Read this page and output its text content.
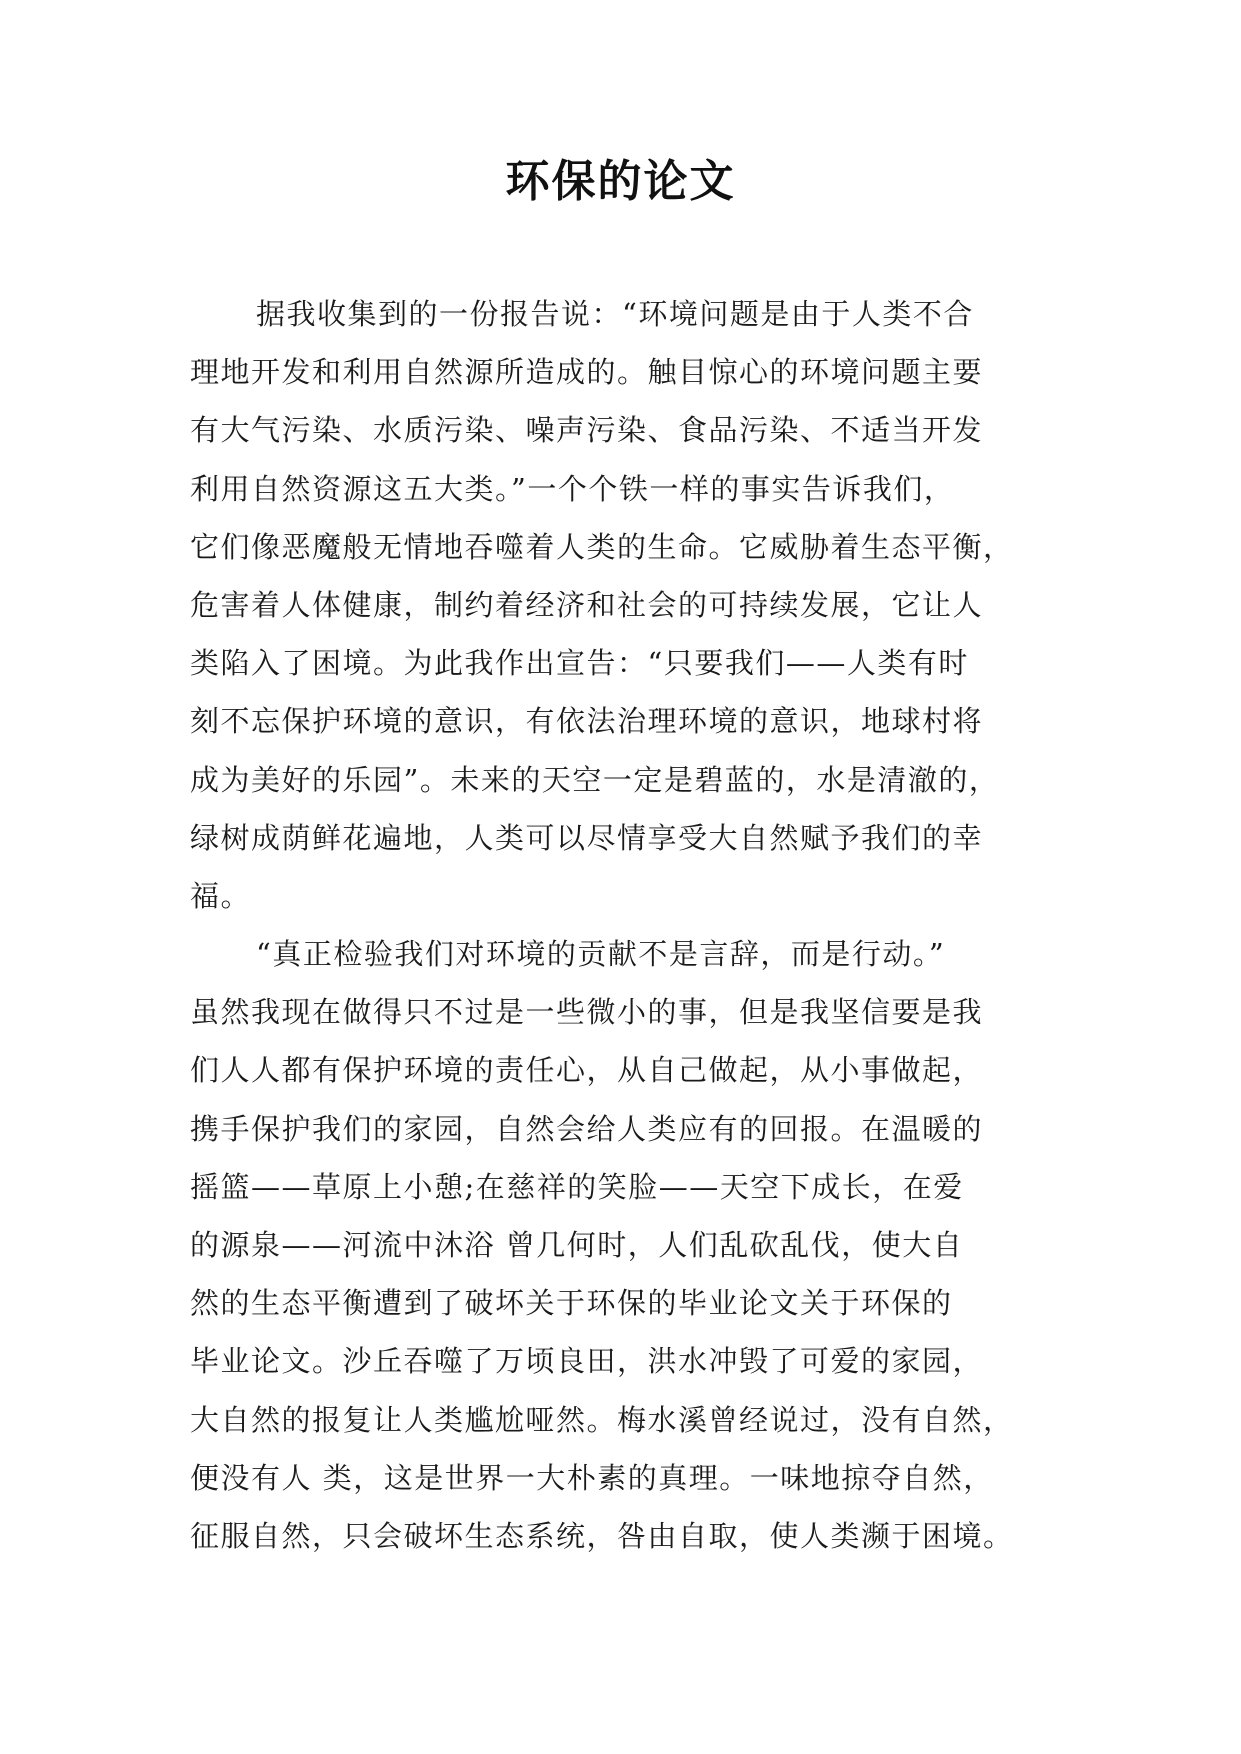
环保的论文
据我收集到的一份报告说：“环境问题是由于人类不合
理地开发和利用自然源所造成的。触目惊心的环境问题主要
有大气污染、水质污染、噪声污染、食品污染、不适当开发
利用自然资源这五大类。”一个个铁一样的事实告诉我们，
它们像恶魔般无情地吞噬着人类的生命。它威胁着生态平衡，
危害着人体健康，制约着经济和社会的可持续发展，它让人
类陷入了困境。为此我作出宣告：“只要我们——人类有时
刻不忘保护环境的意识，有依法治理环境的意识，地球村将
成为美好的乐园”。未来的天空一定是碧蓝的，水是清澈的，
绿树成荫鲜花遍地，人类可以尽情享受大自然赋予我们的幸
福。
“真正检验我们对环境的贡献不是言辞，而是行动。”
虽然我现在做得只不过是一些微小的事，但是我坚信要是我
们人人都有保护环境的责任心，从自己做起，从小事做起，
携手保护我们的家园，自然会给人类应有的回报。在温暖的
摇篮——草原上小憩;在慈祥的笑脸——天空下成长，在爱
的源泉——河流中沐浴 曾几何时，人们乱砍乱伐，使大自
然的生态平衡遭到了破坏关于环保的毕业论文关于环保的
毕业论文。沙丘吞噬了万顷良田，洪水冲毁了可爱的家园，
大自然的报复让人类尴尬哑然。梅水溪曾经说过，没有自然，
便没有人 类，这是世界一大朴素的真理。一味地掠夺自然，
征服自然，只会破坏生态系统，咎由自取，使人类濒于困境。
